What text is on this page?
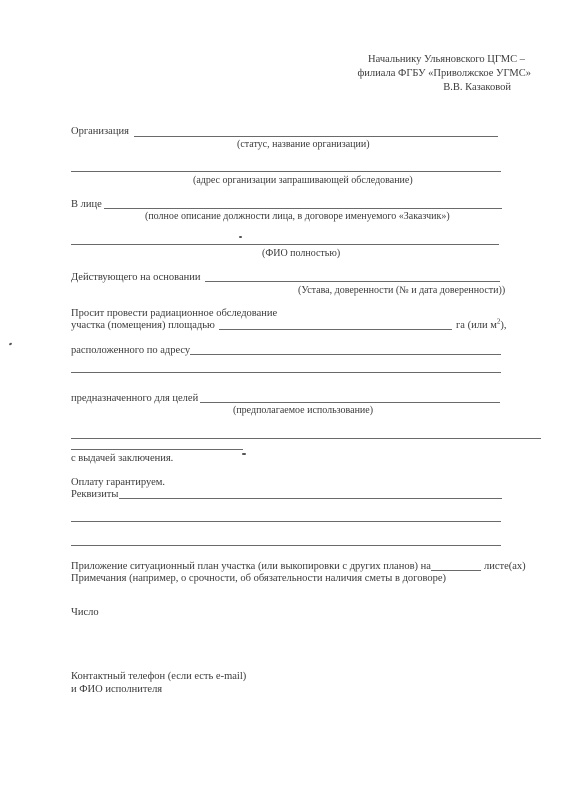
Начальнику Ульяновского ЦГМС –
филиала ФГБУ «Приволжское УГМС»
В.В. Казаковой
Организация
(статус, название организации)
(адрес организации запрашивающей обследование)
В лице
(полное описание должности лица, в договоре именуемого «Заказчик»)
(ФИО полностью)
Действующего на основании
(Устава, доверенности (№ и дата доверенности))
Просит провести радиационное обследование
участка (помещения) площадью	га (или $м^2$),
расположенного по адресу
предназначенного для целей
(предполагаемое использование)
с выдачей заключения.
Оплату гарантируем.
Реквизиты
Приложение ситуационный план участка (или выкопировки с других планов) на	листе(ах)
Примечания (например, о срочности, об обязательности наличия сметы в договоре)
Число
Контактный телефон (если есть e-mail)
и ФИО исполнителя
